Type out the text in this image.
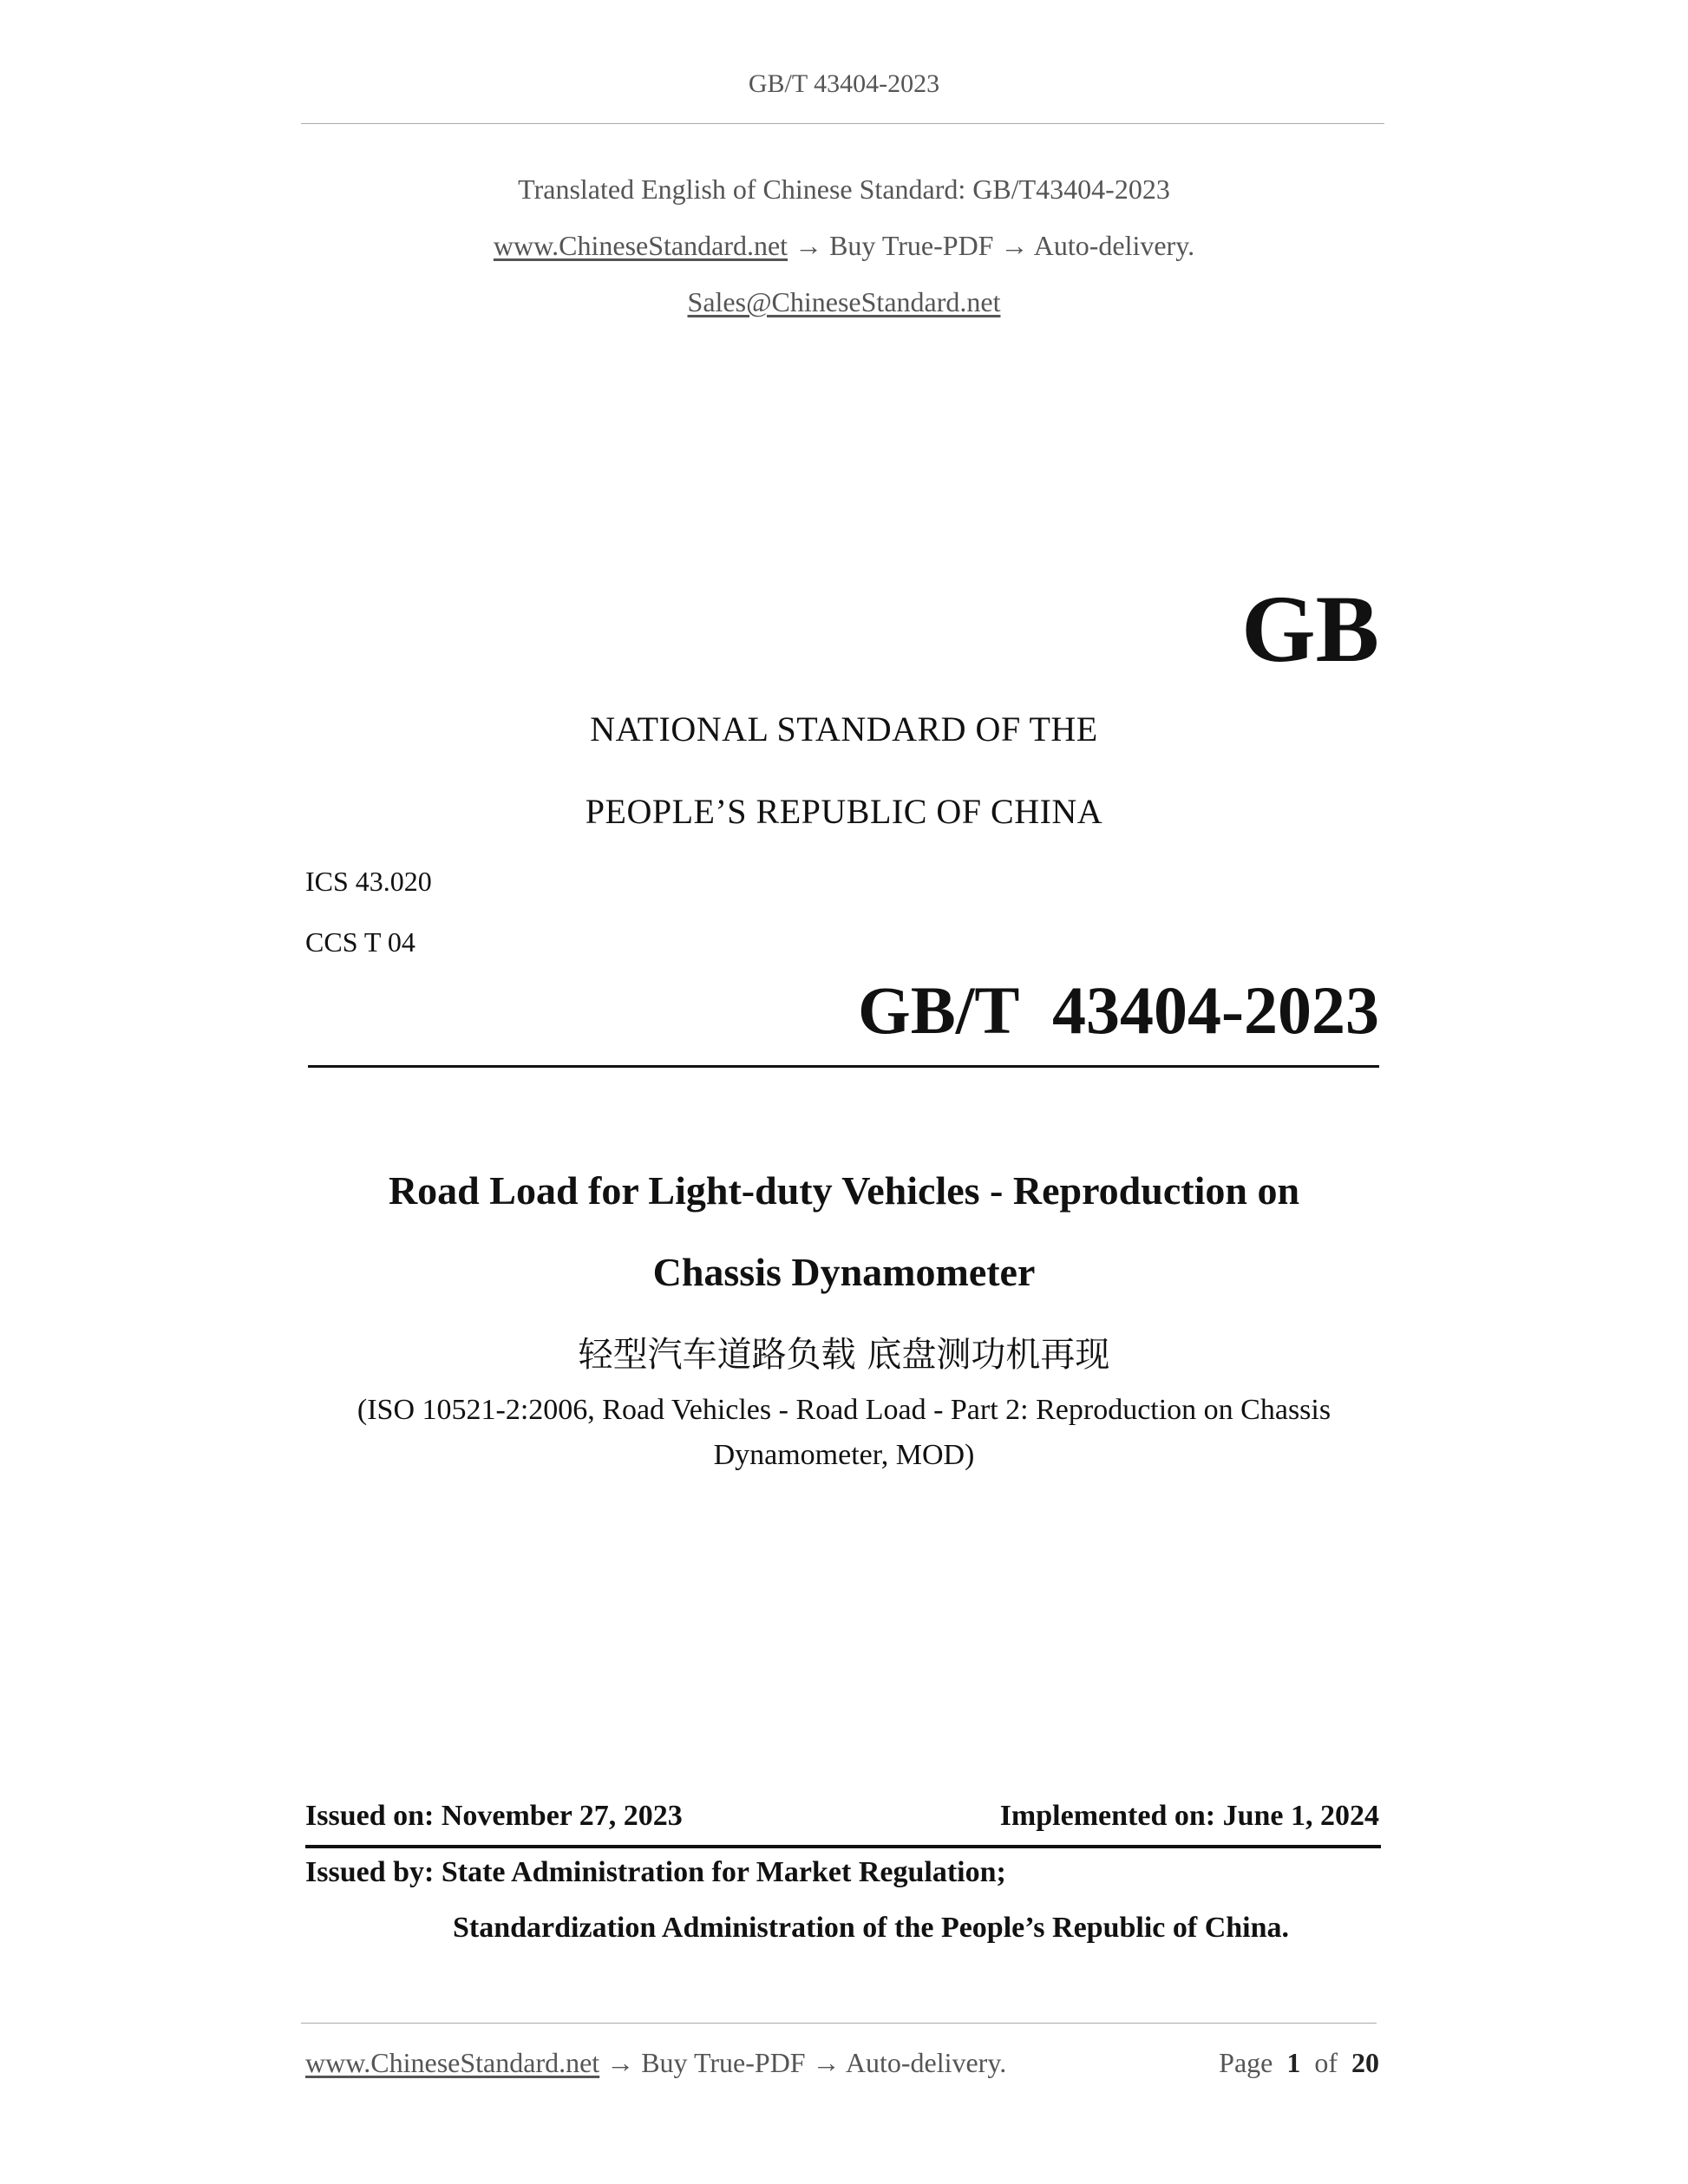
GB/T 43404-2023
Translated English of Chinese Standard: GB/T43404-2023
www.ChineseStandard.net → Buy True-PDF → Auto-delivery.
Sales@ChineseStandard.net
GB
NATIONAL STANDARD OF THE
PEOPLE’S REPUBLIC OF CHINA
ICS 43.020
CCS T 04
GB/T  43404-2023
Road Load for Light-duty Vehicles - Reproduction on
Chassis Dynamometer
轻型汽车道路负载 底盘测功机再现
(ISO 10521-2:2006, Road Vehicles - Road Load - Part 2: Reproduction on Chassis
Dynamometer, MOD)
Issued on: November 27, 2023	Implemented on: June 1, 2024
Issued by: State Administration for Market Regulation;
Standardization Administration of the People’s Republic of China.
www.ChineseStandard.net → Buy True-PDF → Auto-delivery.	Page 1 of 20
